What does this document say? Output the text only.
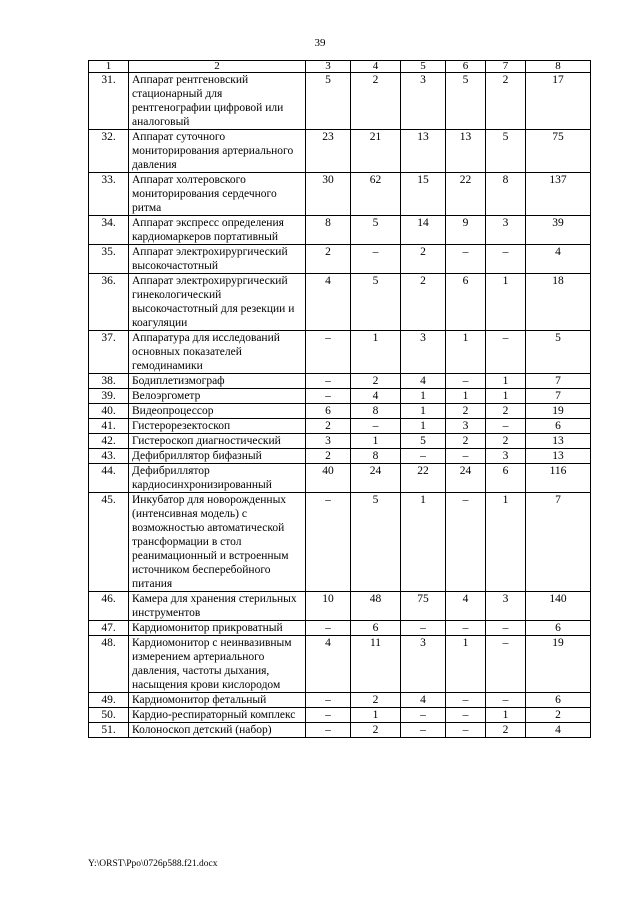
39
1	2	3	4	5	6	7	8
31.	Аппарат рентгеновский стационарный для рентгенографии цифровой или аналоговый	5	2	3	5	2	17
32.	Аппарат суточного мониторирования артериального давления	23	21	13	13	5	75
33.	Аппарат холтеровского мониторирования сердечного ритма	30	62	15	22	8	137
34.	Аппарат экспресс определения кардиомаркеров портативный	8	5	14	9	3	39
35.	Аппарат электрохирургический высокочастотный	2	–	2	–	–	4
36.	Аппарат электрохирургический гинекологический высокочастотный для резекции и коагуляции	4	5	2	6	1	18
37.	Аппаратура для исследований основных показателей гемодинамики	–	1	3	1	–	5
38.	Бодиплетизмограф	–	2	4	–	1	7
39.	Велоэргометр	–	4	1	1	1	7
40.	Видеопроцессор	6	8	1	2	2	19
41.	Гистерорезектоскоп	2	–	1	3	–	6
42.	Гистероскоп диагностический	3	1	5	2	2	13
43.	Дефибриллятор бифазный	2	8	–	–	3	13
44.	Дефибриллятор кардиосинхронизированный	40	24	22	24	6	116
45.	Инкубатор для новорожденных (интенсивная модель) с возможностью автоматической трансформации в стол реанимационный и встроенным источником бесперебойного питания	–	5	1	–	1	7
46.	Камера для хранения стерильных инструментов	10	48	75	4	3	140
47.	Кардиомонитор прикроватный	–	6	–	–	–	6
48.	Кардиомонитор с неинвазивным измерением артериального давления, частоты дыхания, насыщения крови кислородом	4	11	3	1	–	19
49.	Кардиомонитор фетальный	–	2	4	–	–	6
50.	Кардио-респираторный комплекс	–	1	–	–	1	2
51.	Колоноскоп детский (набор)	–	2	–	–	2	4
Y:\ORST\Ppo\0726p588.f21.docx
